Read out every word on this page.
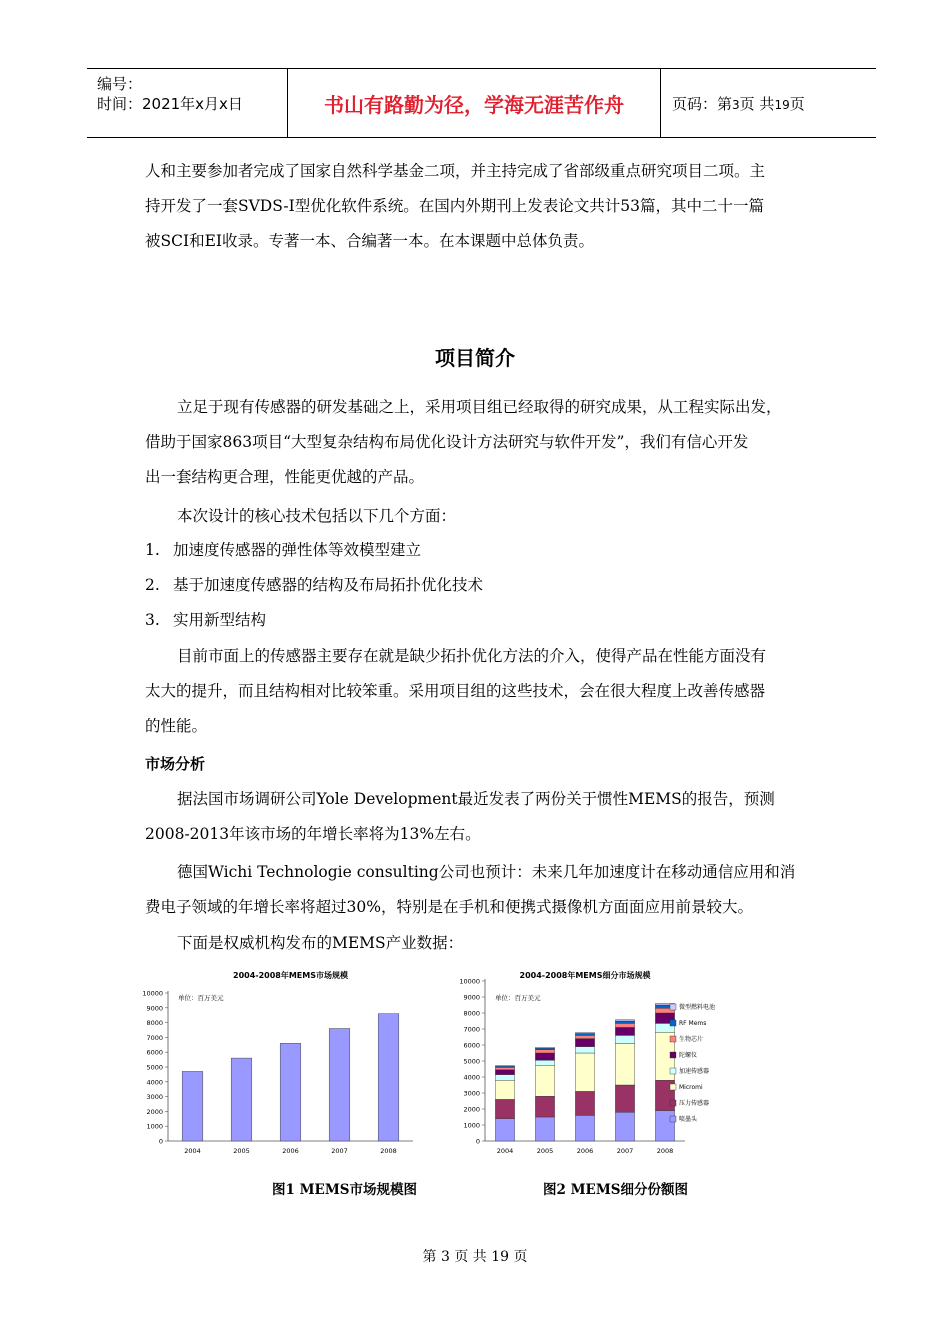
编号：
时间：2021年x月x日	书山有路勤为径，学海无涯苦作舟	页码：第3页 共19页
人和主要参加者完成了国家自然科学基金二项，并主持完成了省部级重点研究项目二项。主
持开发了一套SVDS-I型优化软件系统。在国内外期刊上发表论文共计53篇，其中二十一篇
被SCI和EI收录。专著一本、合编著一本。在本课题中总体负责。
项目简介
立足于现有传感器的研发基础之上，采用项目组已经取得的研究成果，从工程实际出发，
借助于国家863项目“大型复杂结构布局优化设计方法研究与软件开发”，我们有信心开发
出一套结构更合理，性能更优越的产品。
本次设计的核心技术包括以下几个方面：
1. 加速度传感器的弹性体等效模型建立
2. 基于加速度传感器的结构及布局拓扑优化技术
3. 实用新型结构
目前市面上的传感器主要存在就是缺少拓扑优化方法的介入，使得产品在性能方面没有
太大的提升，而且结构相对比较笨重。采用项目组的这些技术，会在很大程度上改善传感器
的性能。
市场分析
据法国市场调研公司Yole Development最近发表了两份关于惯性MEMS的报告，预测
2008-2013年该市场的年增长率将为13%左右。
德国Wichi Technologie consulting公司也预计：未来几年加速度计在移动通信应用和消
费电子领域的年增长率将超过30%，特别是在手机和便携式摄像机方面面应用前景较大。
下面是权威机构发布的MEMS产业数据：
2004-2008年MEMS市场规模
单位：百万美元
0
1000
2000
3000
4000
5000
6000
7000
8000
9000
10000
2004	2005	2006	2007	2008
2004-2008年MEMS细分市场规模
单位：百万美元
0
1000
2000
3000
4000
5000
6000
7000
8000
9000
10000
2004	2005	2006	2007	2008
微型燃料电池
RF Mems
生物芯片
陀螺仪
加速传感器
Micromi
压力传感器
喷墨头
图1 MEMS市场规模图	图2 MEMS细分份额图
第 3 页 共 19 页
